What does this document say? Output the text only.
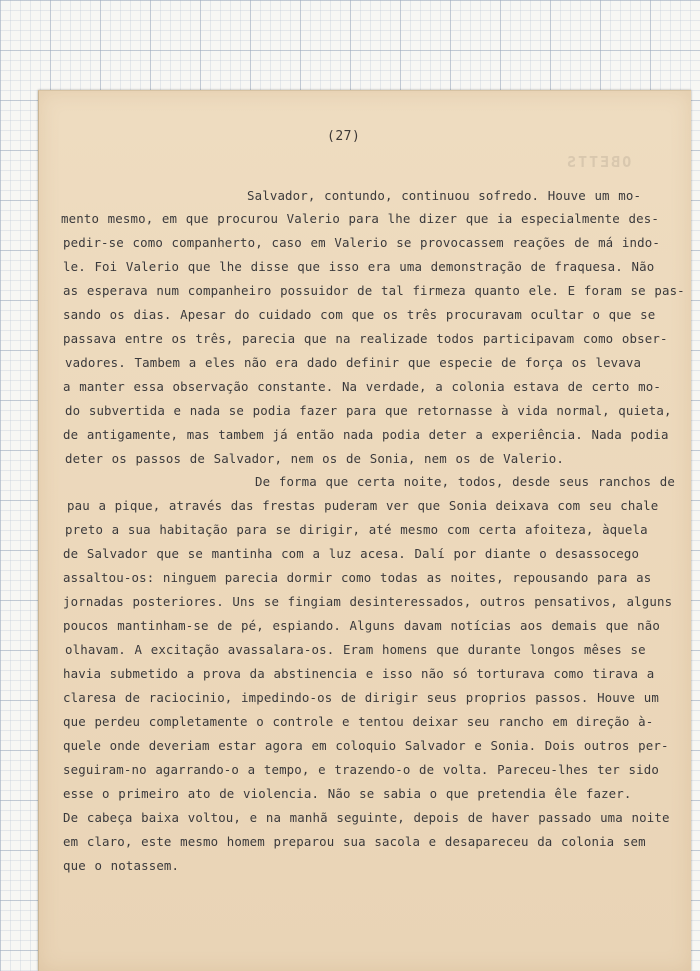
OBETTS
(27)
Salvador, contundo, continuou sofredo. Houve um mo-
mento mesmo, em que procurou Valerio para lhe dizer que ia especialmente des-
pedir-se como companherto, caso em Valerio se provocassem reações de má indo-
le. Foi Valerio que lhe disse que isso era uma demonstração de fraquesa. Não
as esperava num companheiro possuidor de tal firmeza quanto ele. E foram se pas-
sando os dias. Apesar do cuidado com que os três procuravam ocultar o que se
passava entre os três, parecia que na realizade todos participavam como obser-
vadores. Tambem a eles não era dado definir que especie de força os levava
a manter essa observação constante. Na verdade, a colonia estava de certo mo-
do subvertida e nada se podia fazer para que retornasse à vida normal, quieta,
de antigamente, mas tambem já então nada podia deter a experiência. Nada podia
deter os passos de Salvador, nem os de Sonia, nem os de Valerio.
De forma que certa noite, todos, desde seus ranchos de
pau a pique, através das frestas puderam ver que Sonia deixava com seu chale
preto a sua habitação para se dirigir, até mesmo com certa afoiteza, àquela
de Salvador que se mantinha com a luz acesa. Dalí por diante o desassocego
assaltou-os: ninguem parecia dormir como todas as noites, repousando para as
jornadas posteriores. Uns se fingiam desinteressados, outros pensativos, alguns
poucos mantinham-se de pé, espiando. Alguns davam notícias aos demais que não
olhavam. A excitação avassalara-os. Eram homens que durante longos mêses se
havia submetido a prova da abstinencia e isso não só torturava como tirava a
claresa de raciocinio, impedindo-os de dirigir seus proprios passos. Houve um
que perdeu completamente o controle e tentou deixar seu rancho em direção à-
quele onde deveriam estar agora em coloquio Salvador e Sonia. Dois outros per-
seguiram-no agarrando-o a tempo, e trazendo-o de volta. Pareceu-lhes ter sido
esse o primeiro ato de violencia. Não se sabia o que pretendia êle fazer.
De cabeça baixa voltou, e na manhã seguinte, depois de haver passado uma noite
em claro, este mesmo homem preparou sua sacola e desapareceu da colonia sem
que o notassem.
